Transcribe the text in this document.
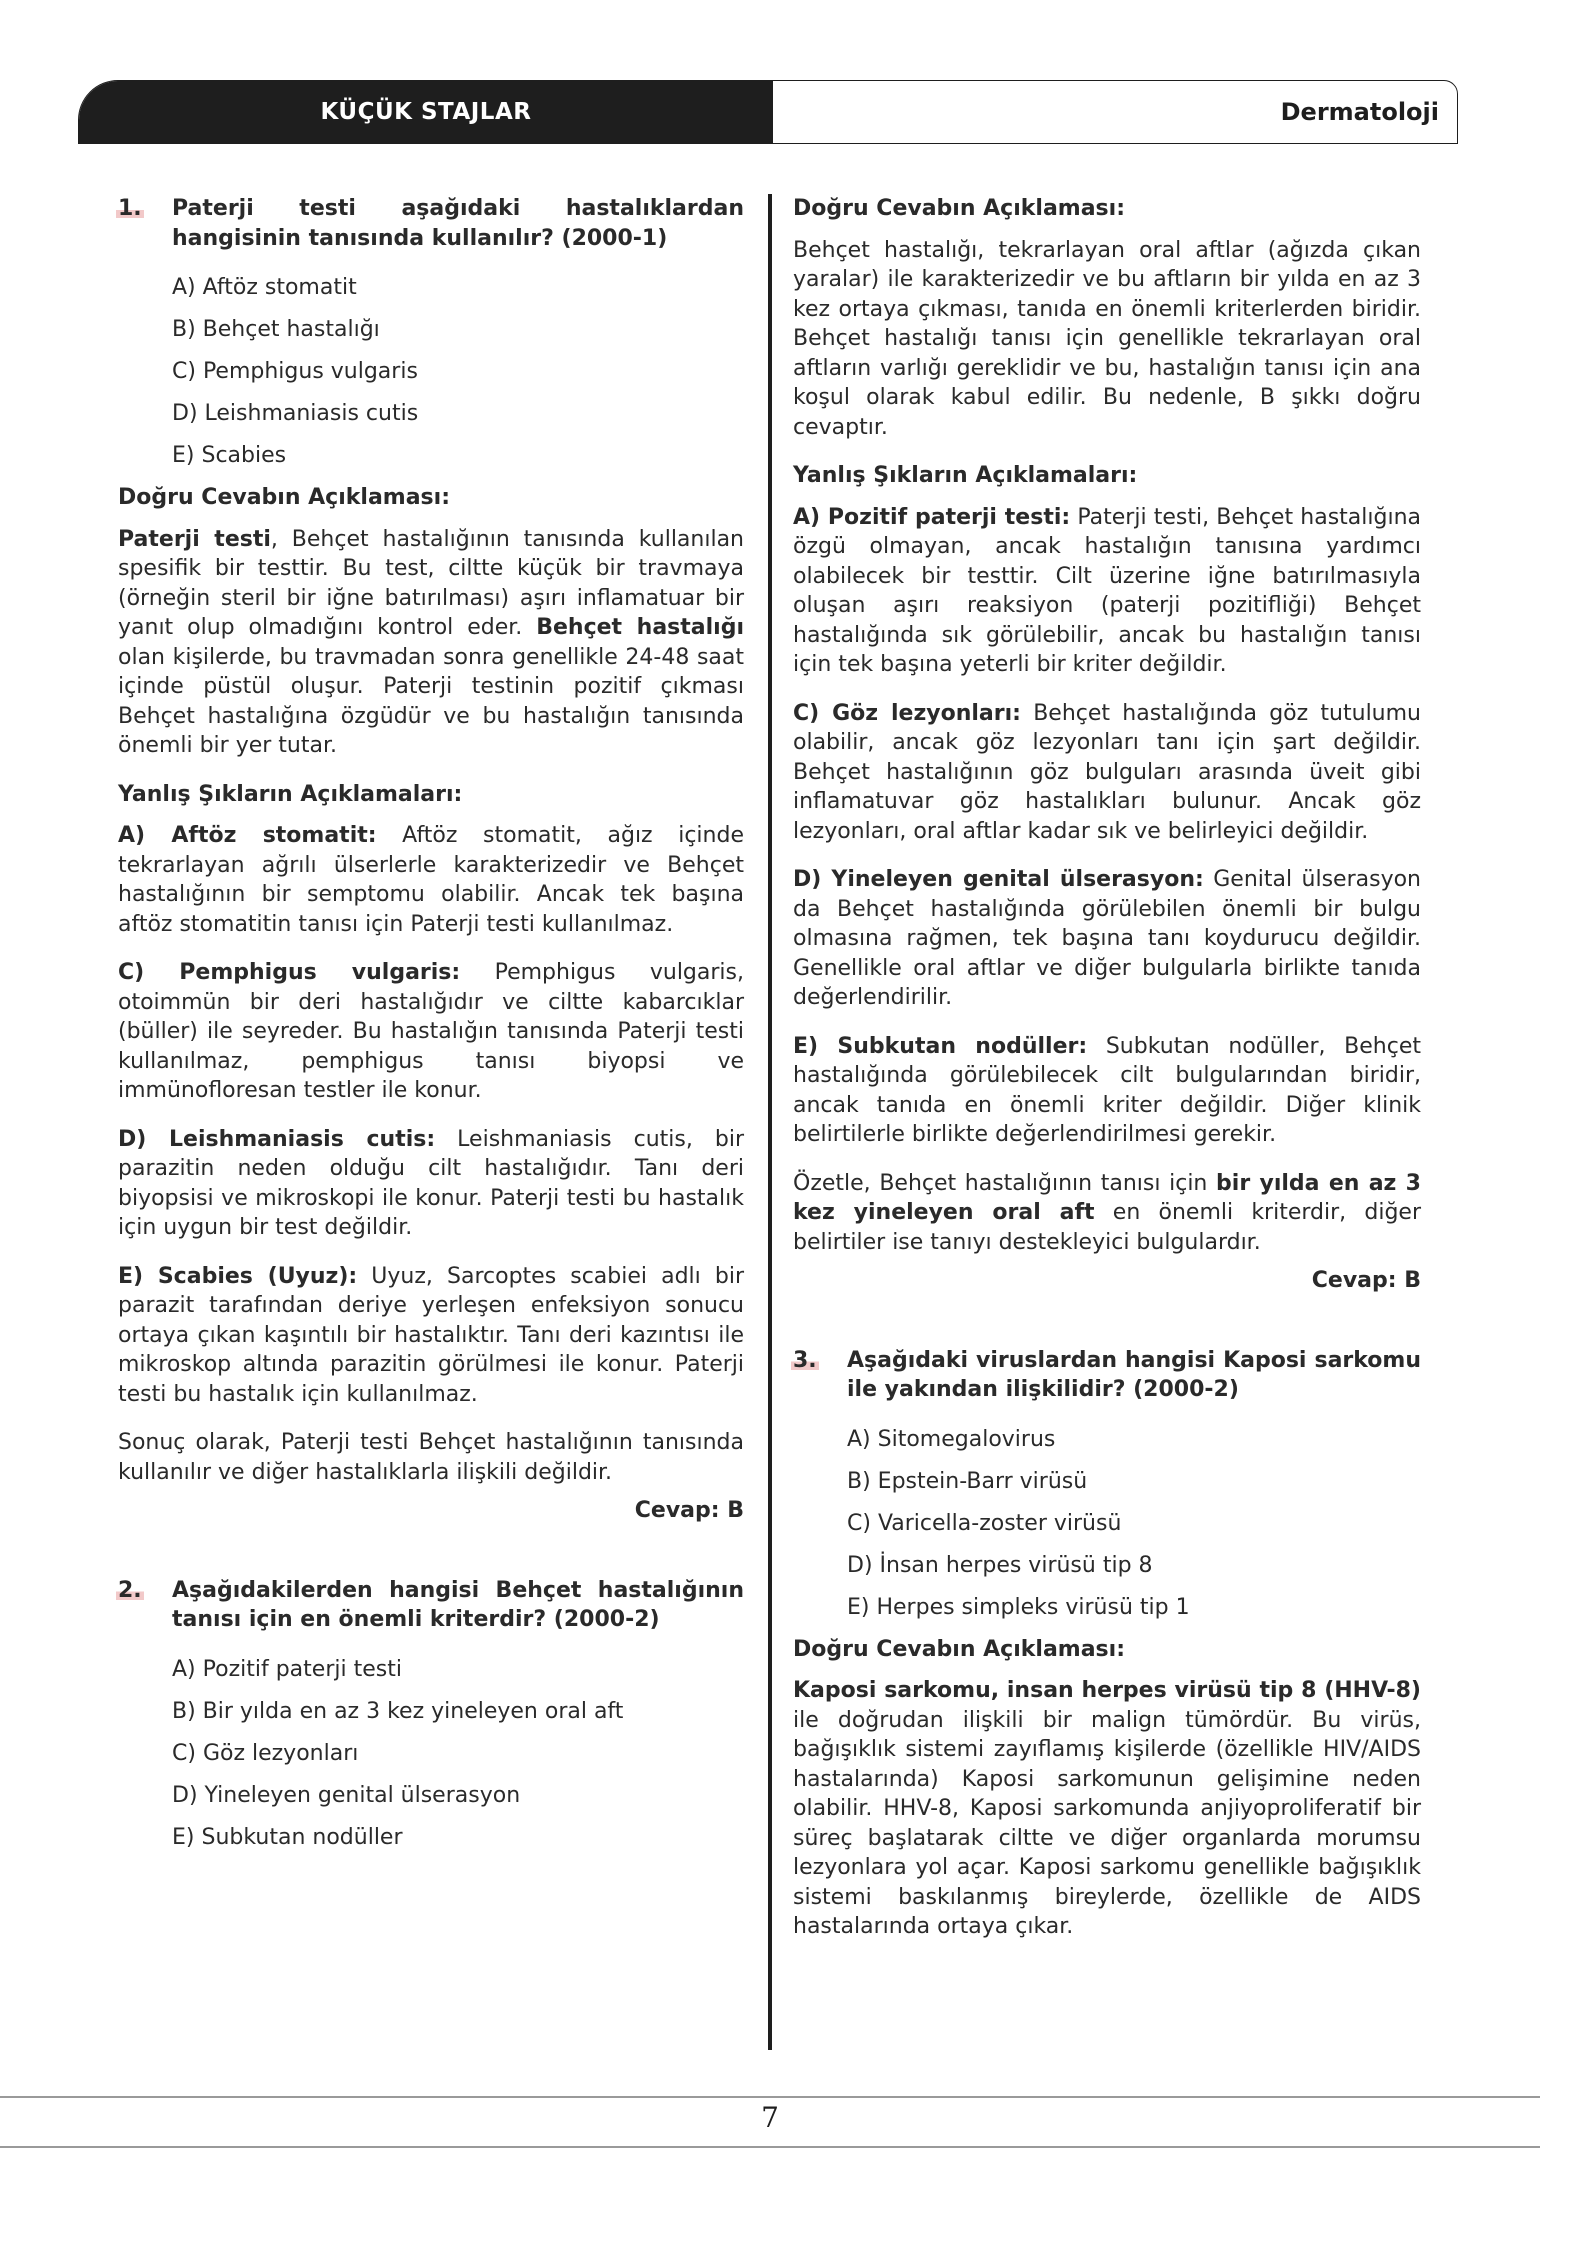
KÜÇÜK STAJLAR	Dermatoloji
1.	Paterji testi aşağıdaki hastalıklardan hangisinin tanısında kullanılır? (2000-1)
A) Aftöz stomatit
B) Behçet hastalığı
C) Pemphigus vulgaris
D) Leishmaniasis cutis
E) Scabies
Doğru Cevabın Açıklaması:

Paterji testi, Behçet hastalığının tanısında kullanılan spesifik bir testtir. Bu test, ciltte küçük bir travmaya (örneğin steril bir iğne batırılması) aşırı inflamatuar bir yanıt olup olmadığını kontrol eder. Behçet hastalığı olan kişilerde, bu travmadan sonra genellikle 24-48 saat içinde püstül oluşur. Paterji testinin pozitif çıkması Behçet hastalığına özgüdür ve bu hastalığın tanısında önemli bir yer tutar.

Yanlış Şıkların Açıklamaları:

A) Aftöz stomatit: Aftöz stomatit, ağız içinde tekrarlayan ağrılı ülserlerle karakterizedir ve Behçet hastalığının bir semptomu olabilir. Ancak tek başına aftöz stomatitin tanısı için Paterji testi kullanılmaz.

C) Pemphigus vulgaris: Pemphigus vulgaris, otoimmün bir deri hastalığıdır ve ciltte kabarcıklar (büller) ile seyreder. Bu hastalığın tanısında Paterji testi kullanılmaz, pemphigus tanısı biyopsi ve immünofloresan testler ile konur.

D) Leishmaniasis cutis: Leishmaniasis cutis, bir parazitin neden olduğu cilt hastalığıdır. Tanı deri biyopsisi ve mikroskopi ile konur. Paterji testi bu hastalık için uygun bir test değildir.

E) Scabies (Uyuz): Uyuz, Sarcoptes scabiei adlı bir parazit tarafından deriye yerleşen enfeksiyon sonucu ortaya çıkan kaşıntılı bir hastalıktır. Tanı deri kazıntısı ile mikroskop altında parazitin görülmesi ile konur. Paterji testi bu hastalık için kullanılmaz.

Sonuç olarak, Paterji testi Behçet hastalığının tanısında kullanılır ve diğer hastalıklarla ilişkili değildir.

Cevap: B
2.	Aşağıdakilerden hangisi Behçet hastalığının tanısı için en önemli kriterdir? (2000-2)
A) Pozitif paterji testi
B) Bir yılda en az 3 kez yineleyen oral aft
C) Göz lezyonları
D) Yineleyen genital ülserasyon
E) Subkutan nodüller
Doğru Cevabın Açıklaması:

Behçet hastalığı, tekrarlayan oral aftlar (ağızda çıkan yaralar) ile karakterizedir ve bu aftların bir yılda en az 3 kez ortaya çıkması, tanıda en önemli kriterlerden biridir. Behçet hastalığı tanısı için genellikle tekrarlayan oral aftların varlığı gereklidir ve bu, hastalığın tanısı için ana koşul olarak kabul edilir. Bu nedenle, B şıkkı doğru cevaptır.

Yanlış Şıkların Açıklamaları:

A) Pozitif paterji testi: Paterji testi, Behçet hastalığına özgü olmayan, ancak hastalığın tanısına yardımcı olabilecek bir testtir. Cilt üzerine iğne batırılmasıyla oluşan aşırı reaksiyon (paterji pozitifliği) Behçet hastalığında sık görülebilir, ancak bu hastalığın tanısı için tek başına yeterli bir kriter değildir.

C) Göz lezyonları: Behçet hastalığında göz tutulumu olabilir, ancak göz lezyonları tanı için şart değildir. Behçet hastalığının göz bulguları arasında üveit gibi inflamatuvar göz hastalıkları bulunur. Ancak göz lezyonları, oral aftlar kadar sık ve belirleyici değildir.

D) Yineleyen genital ülserasyon: Genital ülserasyon da Behçet hastalığında görülebilen önemli bir bulgu olmasına rağmen, tek başına tanı koydurucu değildir. Genellikle oral aftlar ve diğer bulgularla birlikte tanıda değerlendirilir.

E) Subkutan nodüller: Subkutan nodüller, Behçet hastalığında görülebilecek cilt bulgularından biridir, ancak tanıda en önemli kriter değildir. Diğer klinik belirtilerle birlikte değerlendirilmesi gerekir.

Özetle, Behçet hastalığının tanısı için bir yılda en az 3 kez yineleyen oral aft en önemli kriterdir, diğer belirtiler ise tanıyı destekleyici bulgulardır.

Cevap: B
3.	Aşağıdaki viruslardan hangisi Kaposi sarkomu ile yakından ilişkilidir? (2000-2)
A) Sitomegalovirus
B) Epstein-Barr virüsü
C) Varicella-zoster virüsü
D) İnsan herpes virüsü tip 8
E) Herpes simpleks virüsü tip 1
Doğru Cevabın Açıklaması:

Kaposi sarkomu, insan herpes virüsü tip 8 (HHV-8) ile doğrudan ilişkili bir malign tümördür. Bu virüs, bağışıklık sistemi zayıflamış kişilerde (özellikle HIV/AIDS hastalarında) Kaposi sarkomunun gelişimine neden olabilir. HHV-8, Kaposi sarkomunda anjiyoproliferatif bir süreç başlatarak ciltte ve diğer organlarda morumsu lezyonlara yol açar. Kaposi sarkomu genellikle bağışıklık sistemi baskılanmış bireylerde, özellikle de AIDS hastalarında ortaya çıkar.

7
